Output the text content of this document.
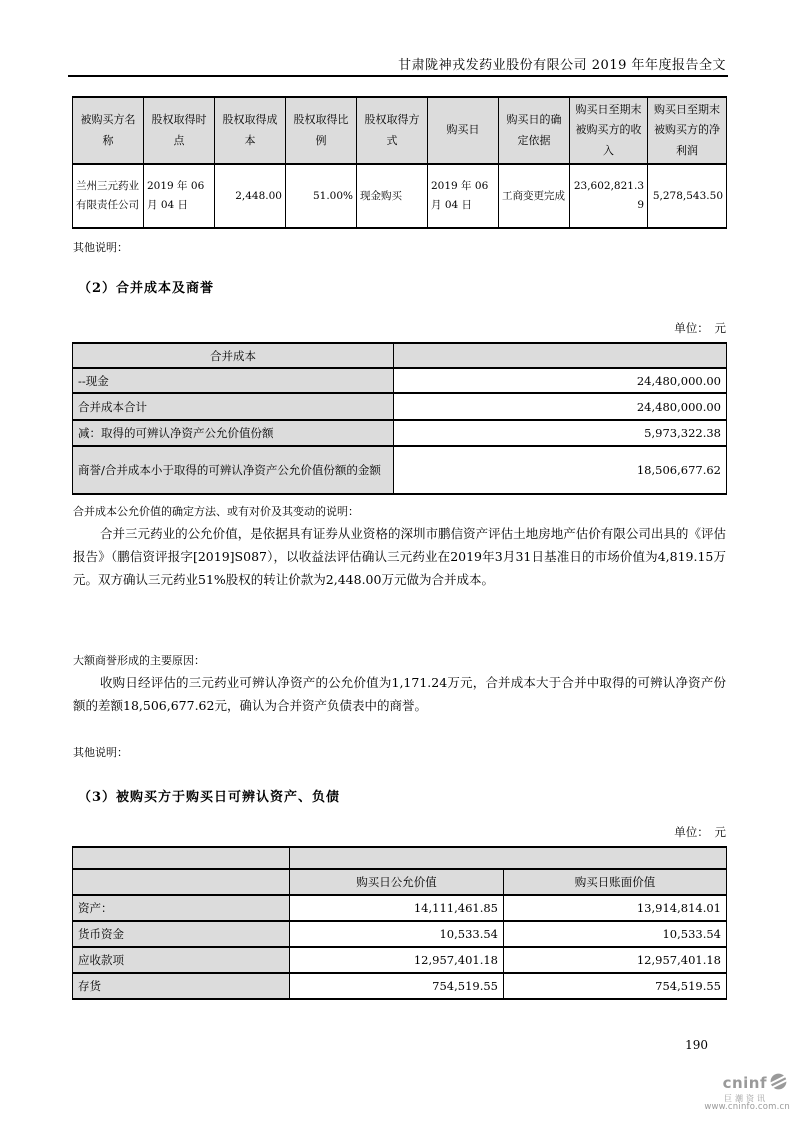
甘肃陇神戎发药业股份有限公司 2019 年年度报告全文
被购买方名称	股权取得时点	股权取得成本	股权取得比例	股权取得方式	购买日	购买日的确定依据	购买日至期末被购买方的收入	购买日至期末被购买方的净利润
兰州三元药业有限责任公司	2019 年 06 月 04 日	2,448.00	51.00%	现金购买	2019 年 06 月 04 日	工商变更完成	23,602,821.39	5,278,543.50
其他说明：
（2）合并成本及商誉
单位：　元
合并成本	
--现金	24,480,000.00
合并成本合计	24,480,000.00
减：取得的可辨认净资产公允价值份额	5,973,322.38
商誉/合并成本小于取得的可辨认净资产公允价值份额的金额	18,506,677.62
合并成本公允价值的确定方法、或有对价及其变动的说明：
合并三元药业的公允价值，是依据具有证券从业资格的深圳市鹏信资产评估土地房地产估价有限公司出具的《评估报告》（鹏信资评报字[2019]S087），以收益法评估确认三元药业在2019年3月31日基准日的市场价值为4,819.15万元。双方确认三元药业51%股权的转让价款为2,448.00万元做为合并成本。
大额商誉形成的主要原因：
收购日经评估的三元药业可辨认净资产的公允价值为1,171.24万元，合并成本大于合并中取得的可辨认净资产份额的差额18,506,677.62元，确认为合并资产负债表中的商誉。
其他说明：
（3）被购买方于购买日可辨认资产、负债
单位：　元

	购买日公允价值	购买日账面价值
资产：	14,111,461.85	13,914,814.01
货币资金	10,533.54	10,533.54
应收款项	12,957,401.18	12,957,401.18
存货	754,519.55	754,519.55
190
cninf
巨潮资讯
www.cninfo.com.cn
